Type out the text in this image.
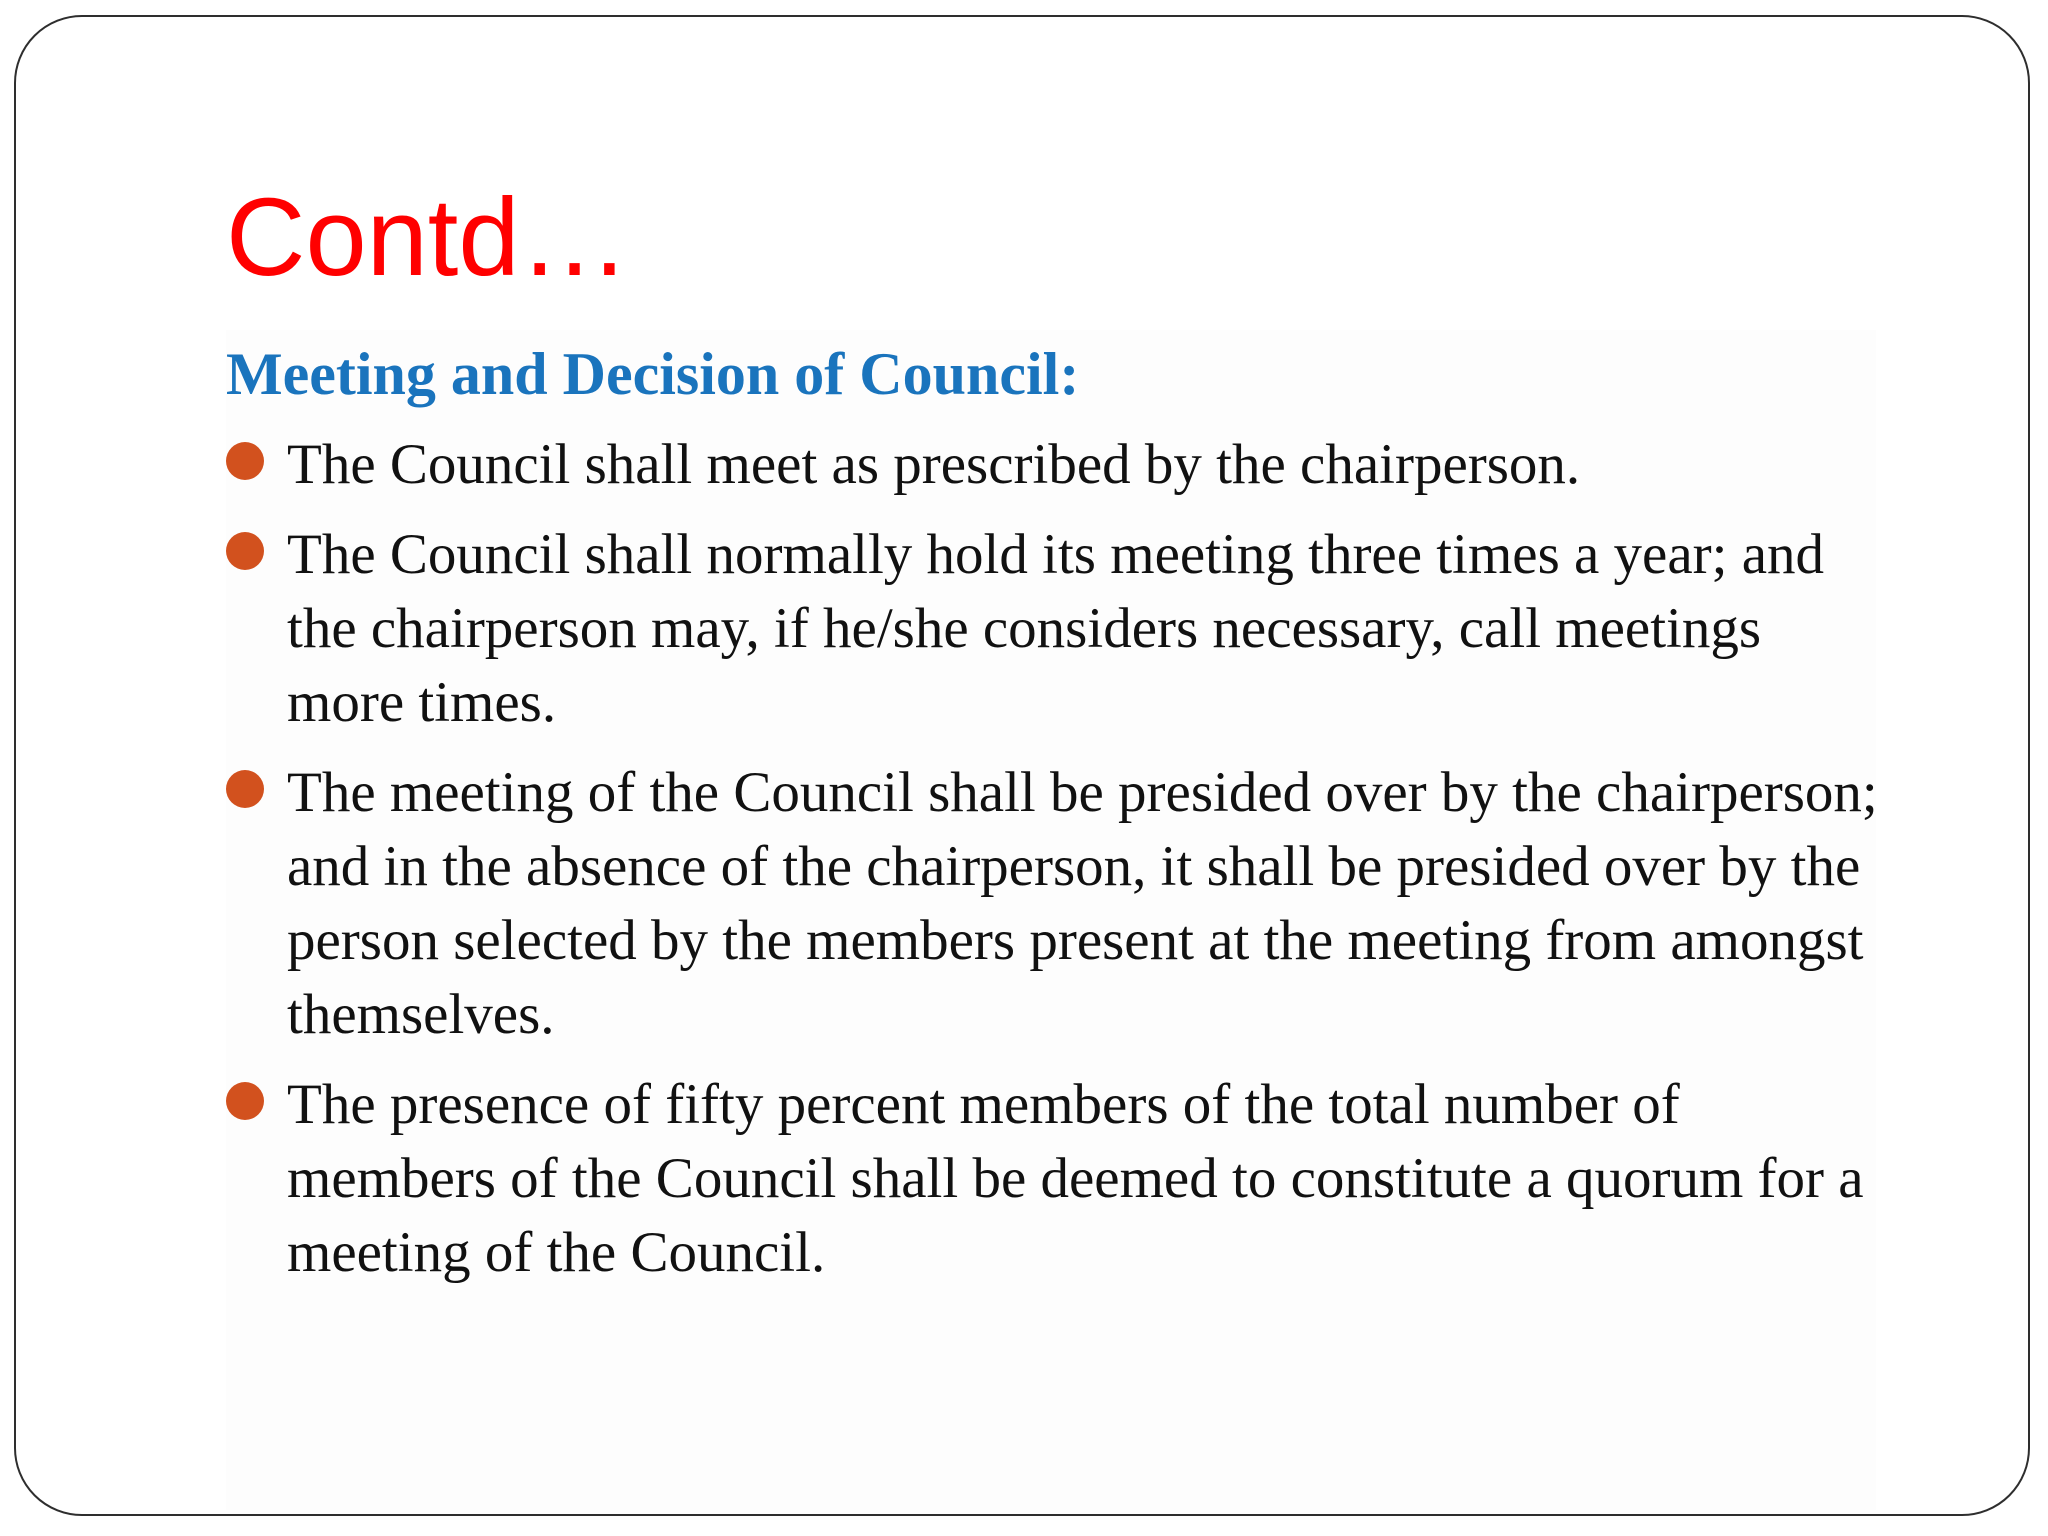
Contd…
Meeting and Decision of Council:
The Council shall meet as prescribed by the chairperson.
The Council shall normally hold its meeting three times a year; and the chairperson may, if he/she considers necessary, call meetings more times.
The meeting of the Council shall be presided over by the chairperson; and in the absence of the chairperson, it shall be presided over by the person selected by the members present at the meeting from amongst themselves.
The presence of fifty percent members of the total number of members of the Council shall be deemed to constitute a quorum for a meeting of the Council.
